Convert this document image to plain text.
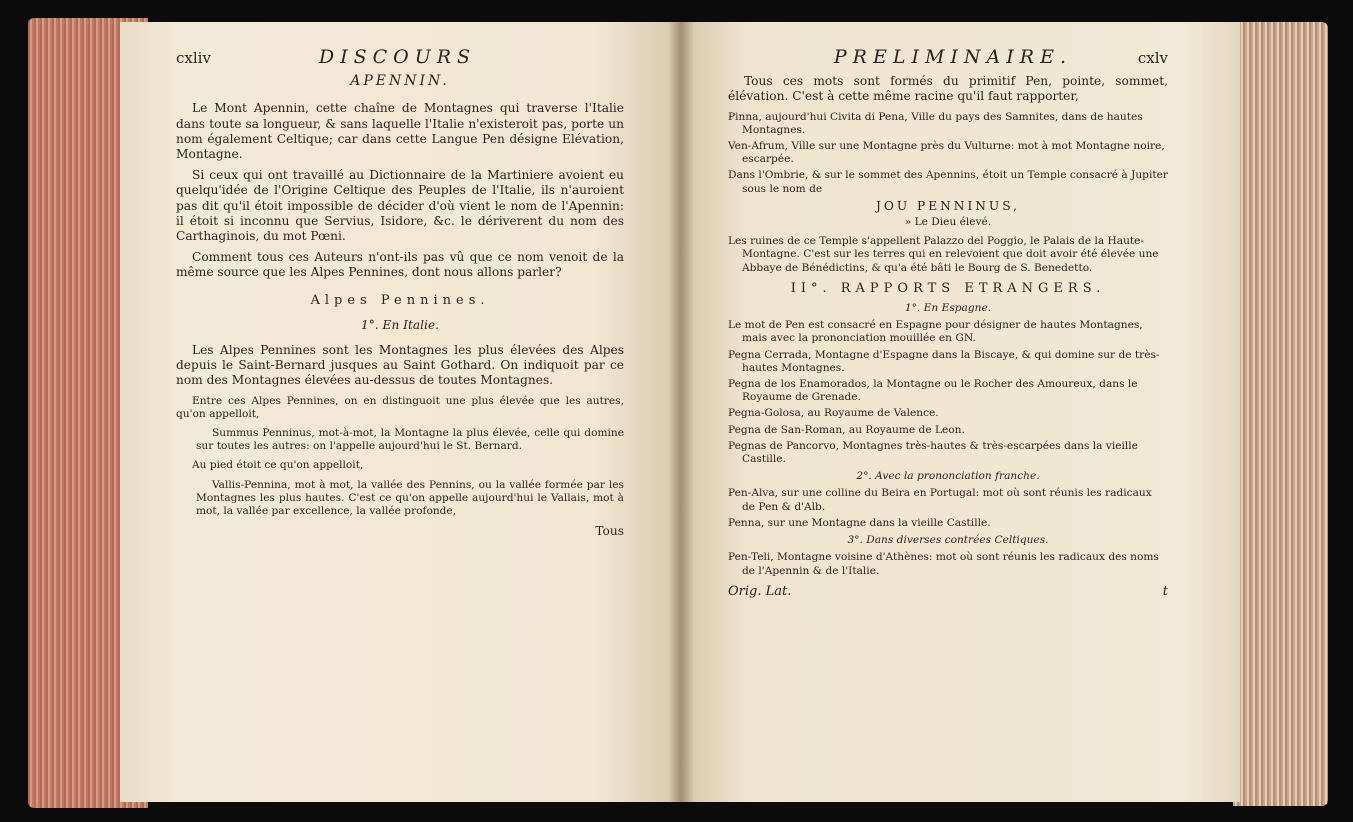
cxliv	DISCOURS
APENNIN.

Le Mont Apennin, cette chaîne de Montagnes qui traverse l'Italie dans toute sa longueur, & sans laquelle l'Italie n'existeroit pas, porte un nom également Celtique; car dans cette Langue Pen désigne Elévation, Montagne.

Si ceux qui ont travaillé au Dictionnaire de la Martiniere avoient eu quelqu'idée de l'Origine Celtique des Peuples de l'Italie, ils n'auroient pas dit qu'il étoit impossible de décider d'où vient le nom de l'Apennin: il étoit si inconnu que Servius, Isidore, &c. le dériverent du nom des Carthaginois, du mot Pœni.

Comment tous ces Auteurs n'ont-ils pas vû que ce nom venoit de la même source que les Alpes Pennines, dont nous allons parler?

Alpes Pennines.
1°. En Italie.

Les Alpes Pennines sont les Montagnes les plus élevées des Alpes depuis le Saint-Bernard jusques au Saint Gothard. On indiquoit par ce nom des Montagnes élevées au-dessus de toutes Montagnes.

Entre ces Alpes Pennines, on en distinguoit une plus élevée que les autres, qu'on appelloit,

Summus Penninus, mot-à-mot, la Montagne la plus élevée, celle qui domine sur toutes les autres: on l'appelle aujourd'hui le St. Bernard.

Au pied étoit ce qu'on appelloit,

Vallis-Pennina, mot à mot, la vallée des Pennins, ou la vallée formée par les Montagnes les plus hautes. C'est ce qu'on appelle aujourd'hui le Vallais, mot à mot, la vallée par excellence, la vallée profonde,

Tous
PRELIMINAIRE.	cxlv

Tous ces mots sont formés du primitif Pen, pointe, sommet, élévation. C'est à cette même racine qu'il faut rapporter,

Pinna, aujourd'hui Civita di Pena, Ville du pays des Samnites, dans de hautes Montagnes.

Ven-Afrum, Ville sur une Montagne près du Vulturne: mot à mot Montagne noire, escarpée.

Dans l'Ombrie, & sur le sommet des Apennins, étoit un Temple consacré à Jupiter sous le nom de

JOU PENNINUS,
» Le Dieu élevé.

Les ruines de ce Temple s'appellent Palazzo del Poggio, le Palais de la Haute-Montagne. C'est sur les terres qui en relevoient que doit avoir été élevée une Abbaye de Bénédictins, & qu'a été bâti le Bourg de S. Benedetto.

II°. RAPPORTS ETRANGERS.
1°. En Espagne.

Le mot de Pen est consacré en Espagne pour désigner de hautes Montagnes, mais avec la prononciation mouillée en GN.

Pegna Cerrada, Montagne d'Espagne dans la Biscaye, & qui domine sur de très-hautes Montagnes.

Pegna de los Enamorados, la Montagne ou le Rocher des Amoureux, dans le Royaume de Grenade.

Pegna-Golosa, au Royaume de Valence.

Pegna de San-Roman, au Royaume de Leon.

Pegnas de Pancorvo, Montagnes très-hautes & très-escarpées dans la vieille Castille.

2°. Avec la prononciation franche.

Pen-Alva, sur une colline du Beira en Portugal: mot où sont réunis les radicaux de Pen & d'Alb.

Penna, sur une Montagne dans la vieille Castille.

3°. Dans diverses contrées Celtiques.

Pen-Teli, Montagne voisine d'Athènes: mot où sont réunis les radicaux des noms de l'Apennin & de l'Italie.

Orig. Lat.	t
